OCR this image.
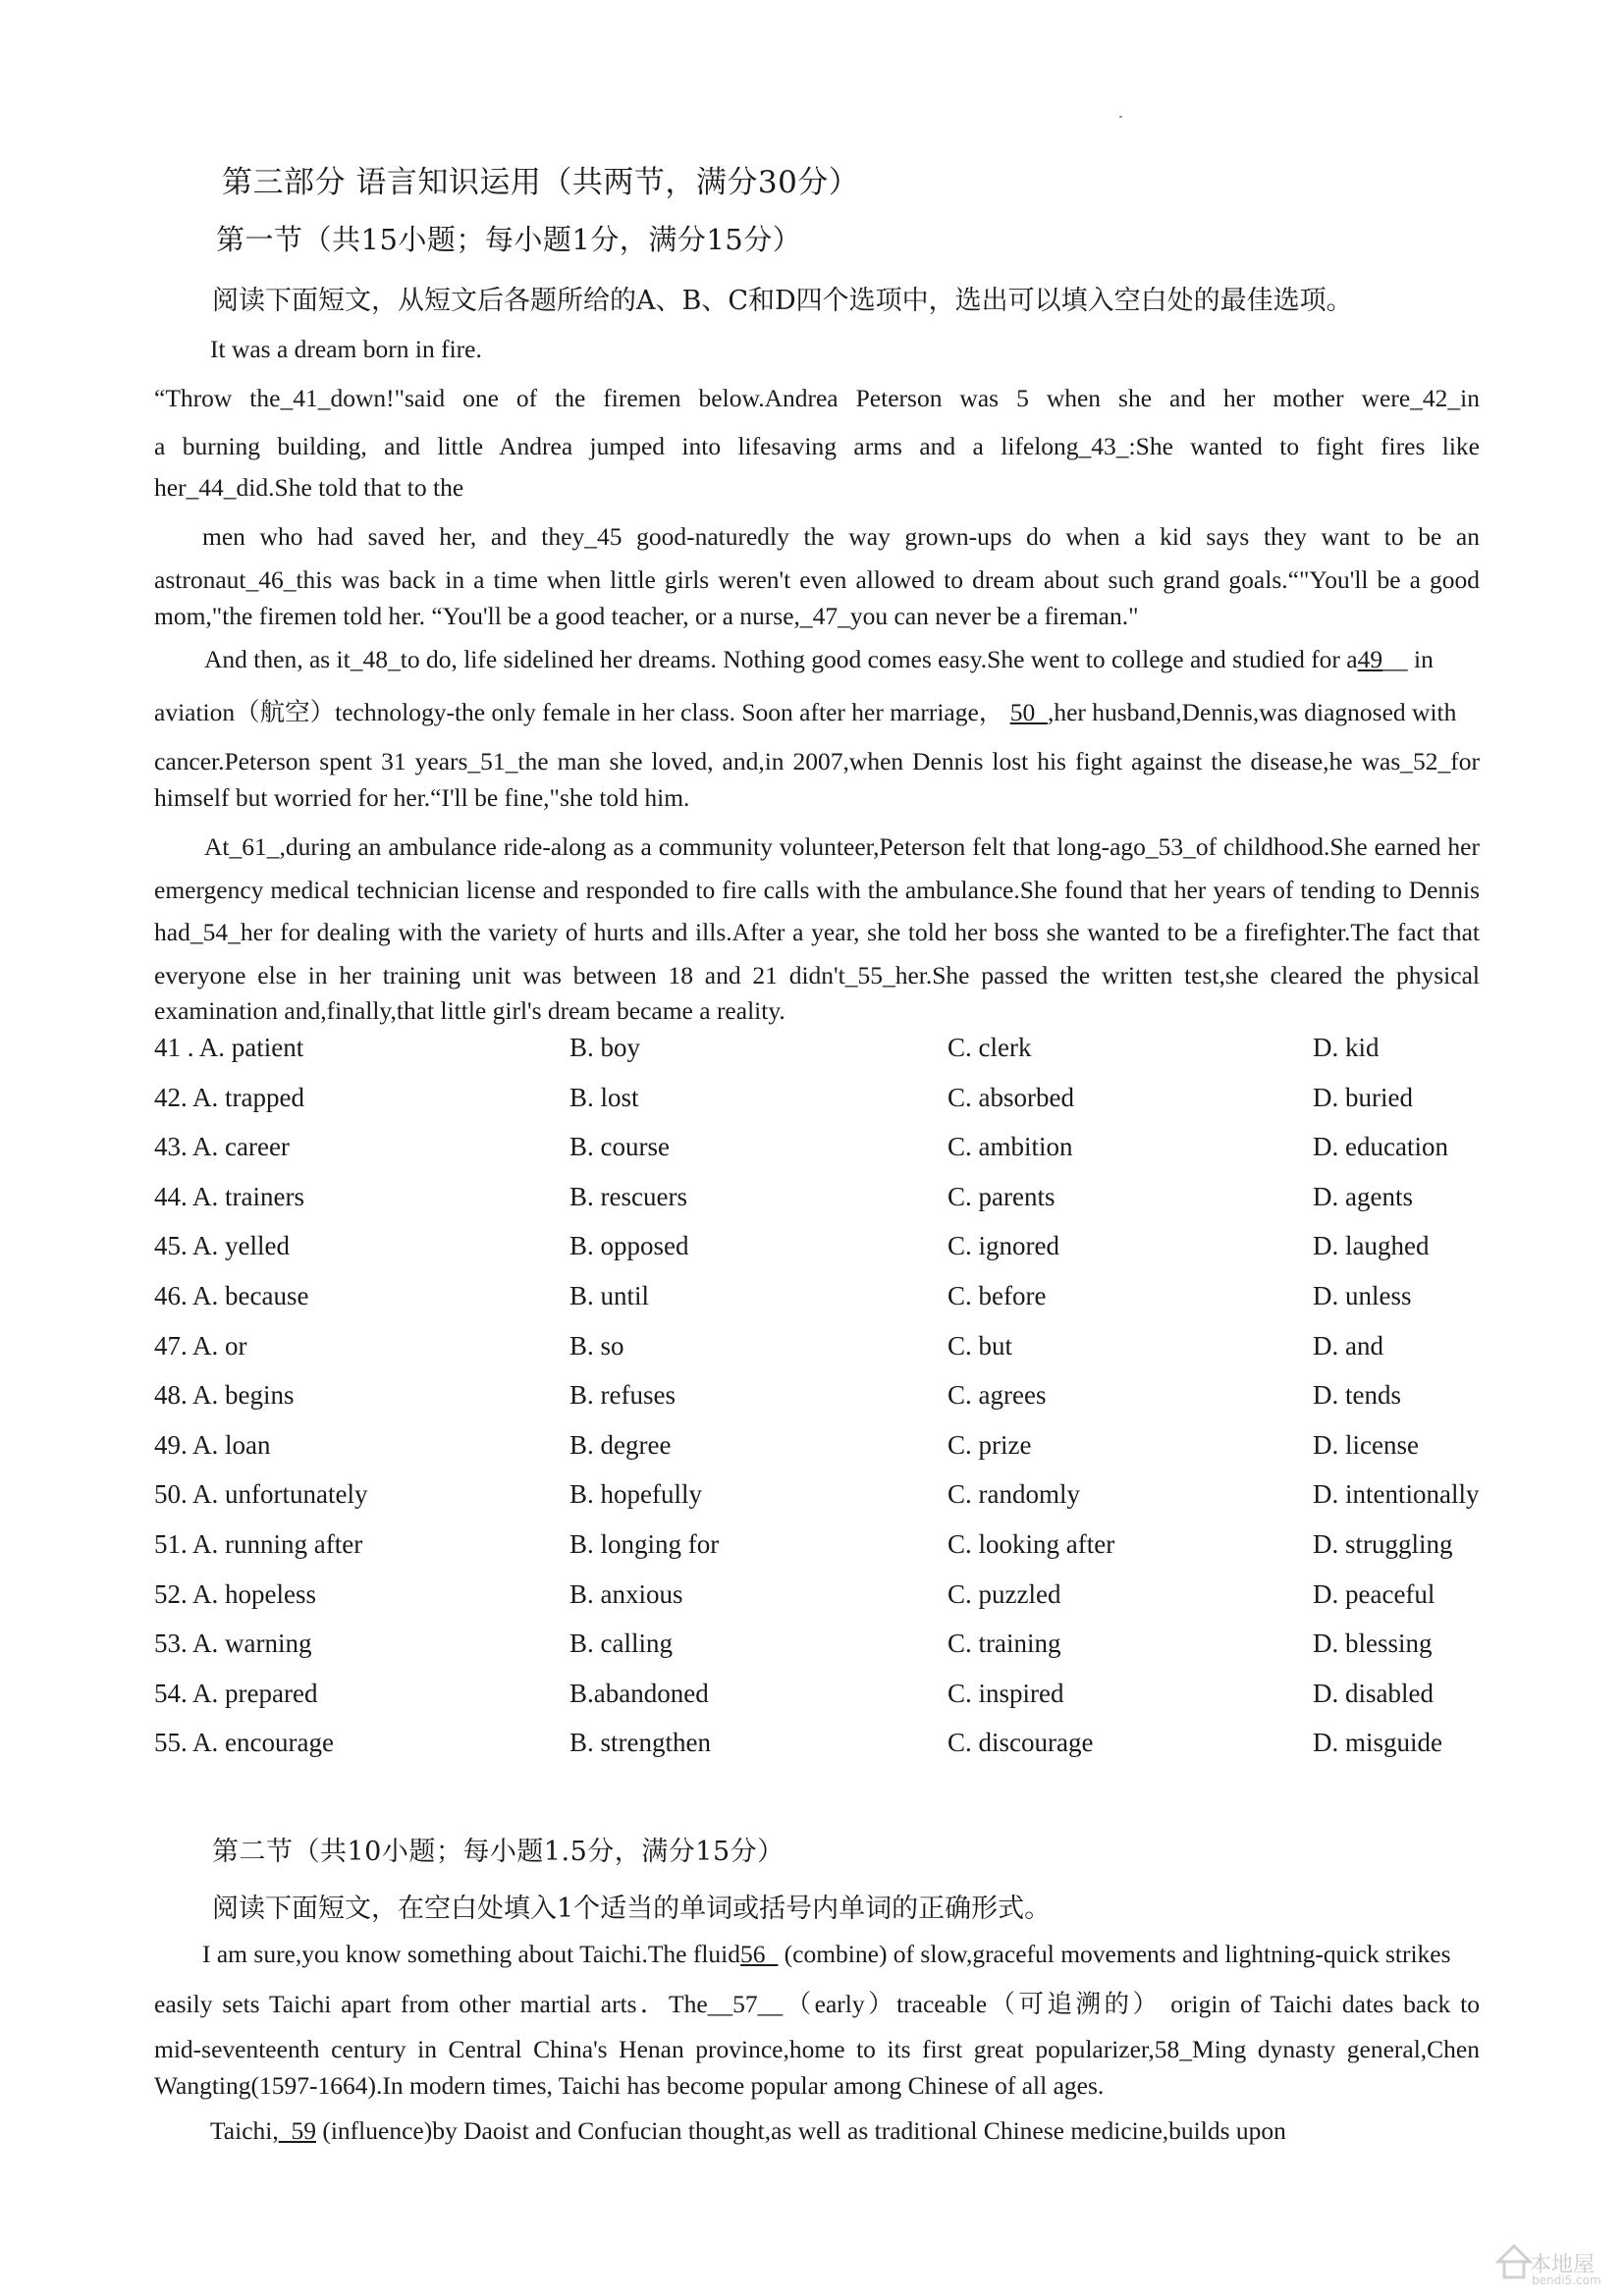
第三部分 语言知识运用（共两节，满分30分）
第一节（共15小题；每小题1分，满分15分）
阅读下面短文，从短文后各题所给的A、B、C和D四个选项中，选出可以填入空白处的最佳选项。
It was a dream born in fire.
“Throw the_41_down!"said one of the firemen below.Andrea Peterson was 5 when she and her mother were_42_in
a burning building, and little Andrea jumped into lifesaving arms and a lifelong_43_:She wanted to fight fires like
her_44_did.She told that to the
men who had saved her, and they_45 good-naturedly the way grown-ups do when a kid says they want to be an
astronaut_46_this was back in a time when little girls weren't even allowed to dream about such grand goals.“"You'll be a good
mom,"the firemen told her. “You'll be a good teacher, or a nurse,_47_you can never be a fireman."
And then, as it_48_to do, life sidelined her dreams. Nothing good comes easy.She went to college and studied for a49__ in
aviation（航空）technology-the only female in her class. Soon after her marriage， 50_,her husband,Dennis,was diagnosed with
cancer.Peterson spent 31 years_51_the man she loved, and,in 2007,when Dennis lost his fight against the disease,he was_52_for
himself but worried for her.“I'll be fine,"she told him.
At_61_,during an ambulance ride-along as a community volunteer,Peterson felt that long-ago_53_of childhood.She earned her
emergency medical technician license and responded to fire calls with the ambulance.She found that her years of tending to Dennis
had_54_her for dealing with the variety of hurts and ills.After a year, she told her boss she wanted to be a firefighter.The fact that
everyone else in her training unit was between 18 and 21 didn't_55_her.She passed the written test,she cleared the physical
examination and,finally,that little girl's dream became a reality.
41 . A. patient	B. boy	C. clerk	D. kid
42. A. trapped	B. lost	C. absorbed	D. buried
43. A. career	B. course	C. ambition	D. education
44. A. trainers	B. rescuers	C. parents	D. agents
45. A. yelled	B. opposed	C. ignored	D. laughed
46. A. because	B. until	C. before	D. unless
47. A. or	B. so	C. but	D. and
48. A. begins	B. refuses	C. agrees	D. tends
49. A. loan	B. degree	C. prize	D. license
50. A. unfortunately	B. hopefully	C. randomly	D. intentionally
51. A. running after	B. longing for	C. looking after	D. struggling
52. A. hopeless	B. anxious	C. puzzled	D. peaceful
53. A. warning	B. calling	C. training	D. blessing
54. A. prepared	B.abandoned	C. inspired	D. disabled
55. A. encourage	B. strengthen	C. discourage	D. misguide
第二节（共10小题；每小题1.5分，满分15分）
阅读下面短文，在空白处填入1个适当的单词或括号内单词的正确形式。
I am sure,you know something about Taichi.The fluid56_ (combine) of slow,graceful movements and lightning-quick strikes
easily sets Taichi apart from other martial arts．The__57__（early）traceable（可追溯的） origin of Taichi dates back to
mid-seventeenth century in Central China's Henan province,home to its first great popularizer,58_Ming dynasty general,Chen
Wangting(1597-1664).In modern times, Taichi has become popular among Chinese of all ages.
Taichi,_59 (influence)by Daoist and Confucian thought,as well as traditional Chinese medicine,builds upon
本地屋
bendi5.com
